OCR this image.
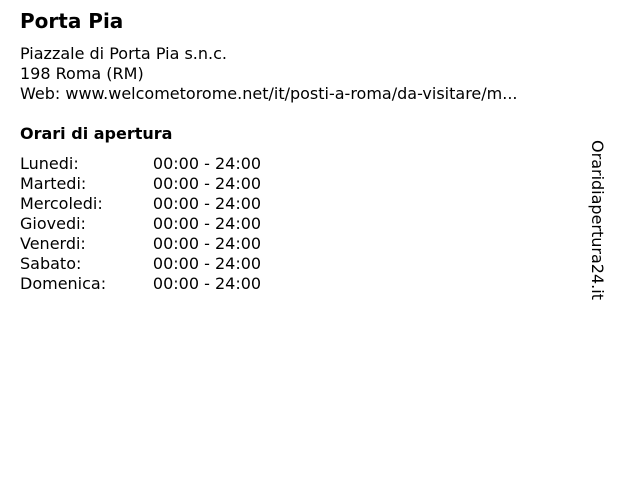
Porta Pia
Piazzale di Porta Pia s.n.c.
198 Roma (RM)
Web: www.welcometorome.net/it/posti-a-roma/da-visitare/m...
Orari di apertura
Lunedi:	00:00 - 24:00
Martedi:	00:00 - 24:00
Mercoledi:	00:00 - 24:00
Giovedi:	00:00 - 24:00
Venerdi:	00:00 - 24:00
Sabato:	00:00 - 24:00
Domenica:	00:00 - 24:00	Oraridiapertura24.it
